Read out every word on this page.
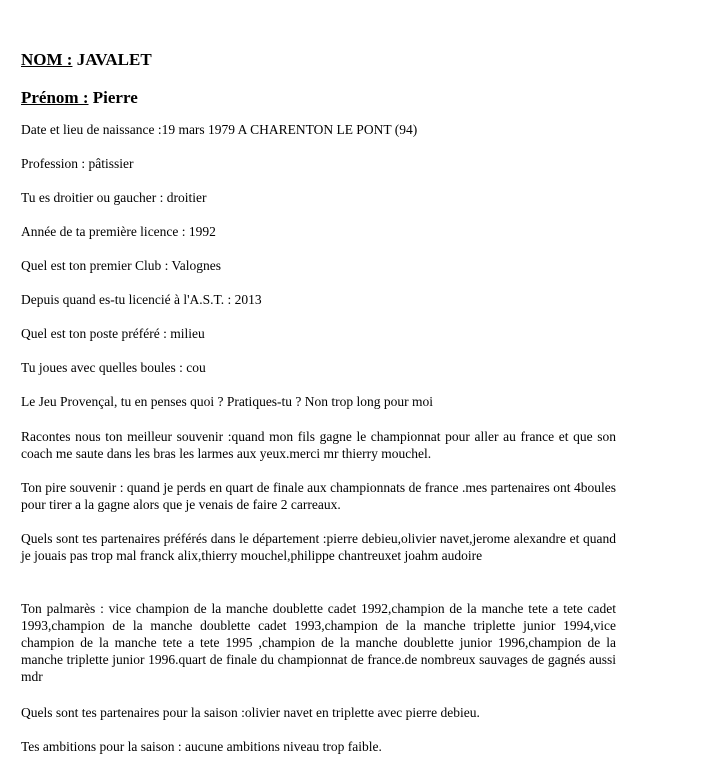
NOM : JAVALET

Prénom : Pierre

Date et lieu de naissance :19 mars 1979 A CHARENTON LE PONT (94)

Profession : pâtissier

Tu es droitier ou gaucher : droitier

Année de ta première licence : 1992

Quel est ton premier Club : Valognes

Depuis quand es-tu licencié à l'A.S.T. : 2013

Quel est ton poste préféré : milieu

Tu joues avec quelles boules : cou

Le Jeu Provençal, tu en penses quoi ? Pratiques-tu ? Non trop long pour moi

Racontes nous ton meilleur souvenir :quand mon fils gagne le championnat pour aller au france et que son coach me saute dans les bras les larmes aux yeux.merci mr thierry mouchel.

Ton pire souvenir : quand je perds en quart de finale aux championnats de france .mes partenaires ont 4boules pour tirer a la gagne alors que je venais de faire 2 carreaux.

Quels sont tes partenaires préférés dans le département :pierre debieu,olivier navet,jerome alexandre et quand je jouais pas trop mal franck alix,thierry mouchel,philippe chantreuxet joahm audoire

Ton palmarès : vice champion de la manche doublette cadet 1992,champion de la manche tete a tete cadet 1993,champion de la manche doublette cadet 1993,champion de la manche triplette junior 1994,vice champion de la manche tete a tete 1995 ,champion de la manche doublette junior 1996,champion de la manche triplette junior 1996.quart de finale du championnat de france.de nombreux sauvages de gagnés aussi mdr

Quels sont tes partenaires pour la saison :olivier navet en triplette avec pierre debieu.

Tes ambitions pour la saison : aucune ambitions niveau trop faible.
